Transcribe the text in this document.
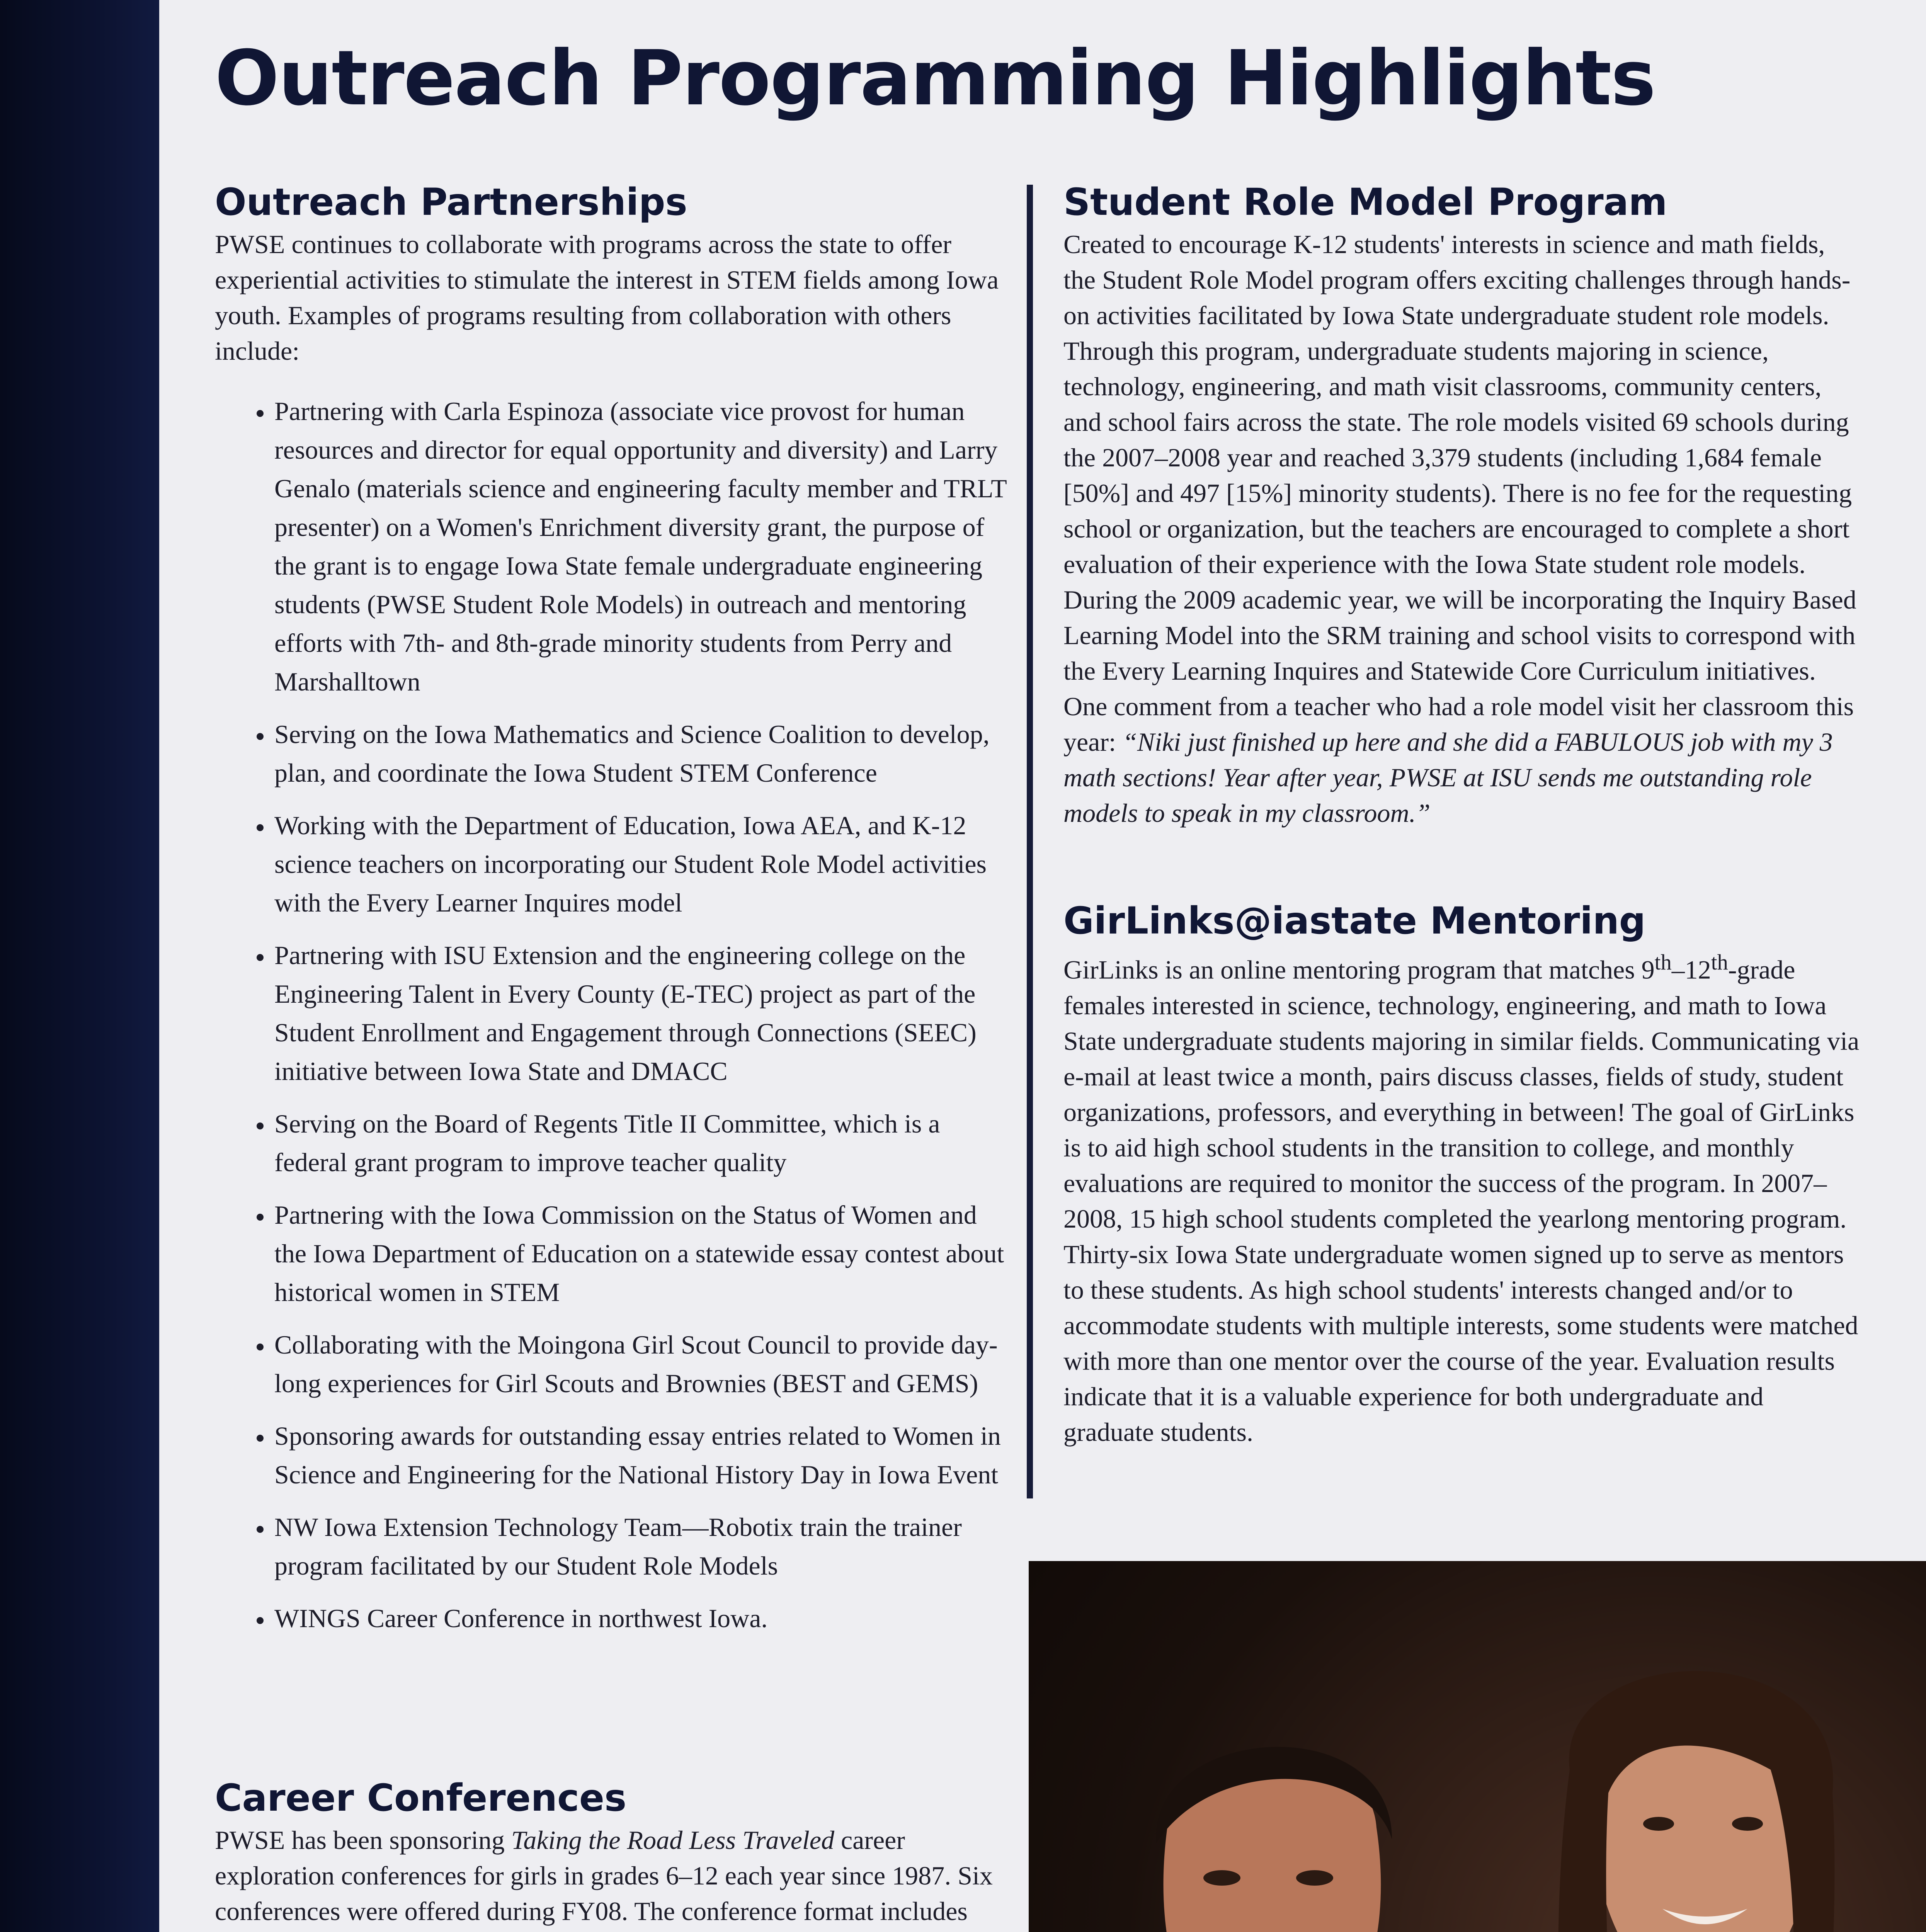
Outreach Programming Highlights
Outreach Partnerships

PWSE continues to collaborate with programs across the state to offer experiential activities to stimulate the interest in STEM fields among Iowa youth. Examples of programs resulting from collaboration with others include:

• Partnering with Carla Espinoza (associate vice provost for human resources and director for equal opportunity and diversity) and Larry Genalo (materials science and engineering faculty member and TRLT presenter) on a Women's Enrichment diversity grant, the purpose of the grant is to engage Iowa State female undergraduate engineering students (PWSE Student Role Models) in outreach and mentoring efforts with 7th- and 8th-grade minority students from Perry and Marshalltown
• Serving on the Iowa Mathematics and Science Coalition to develop, plan, and coordinate the Iowa Student STEM Conference
• Working with the Department of Education, Iowa AEA, and K-12 science teachers on incorporating our Student Role Model activities with the Every Learner Inquires model
• Partnering with ISU Extension and the engineering college on the Engineering Talent in Every County (E-TEC) project as part of the Student Enrollment and Engagement through Connections (SEEC) initiative between Iowa State and DMACC
• Serving on the Board of Regents Title II Committee, which is a federal grant program to improve teacher quality
• Partnering with the Iowa Commission on the Status of Women and the Iowa Department of Education on a statewide essay contest about historical women in STEM
• Collaborating with the Moingona Girl Scout Council to provide day-long experiences for Girl Scouts and Brownies (BEST and GEMS)
• Sponsoring awards for outstanding essay entries related to Women in Science and Engineering for the National History Day in Iowa Event
• NW Iowa Extension Technology Team—Robotix train the trainer program facilitated by our Student Role Models
• WINGS Career Conference in northwest Iowa.
Career Conferences

PWSE has been sponsoring Taking the Road Less Traveled career exploration conferences for girls in grades 6–12 each year since 1987. Six conferences were offered during FY08. The conference format includes

Student Role Model Program

Created to encourage K-12 students' interests in science and math fields, the Student Role Model program offers exciting challenges through hands-on activities facilitated by Iowa State undergraduate student role models. Through this program, undergraduate students majoring in science, technology, engineering, and math visit classrooms, community centers, and school fairs across the state. The role models visited 69 schools during the 2007–2008 year and reached 3,379 students (including 1,684 female [50%] and 497 [15%] minority students). There is no fee for the requesting school or organization, but the teachers are encouraged to complete a short evaluation of their experience with the Iowa State student role models. During the 2009 academic year, we will be incorporating the Inquiry Based Learning Model into the SRM training and school visits to correspond with the Every Learning Inquires and Statewide Core Curriculum initiatives. One comment from a teacher who had a role model visit her classroom this year: “Niki just finished up here and she did a FABULOUS job with my 3 math sections! Year after year, PWSE at ISU sends me outstanding role models to speak in my classroom.”

GirLinks@iastate Mentoring

GirLinks is an online mentoring program that matches 9th–12th-grade females interested in science, technology, engineering, and math to Iowa State undergraduate students majoring in similar fields. Communicating via e-mail at least twice a month, pairs discuss classes, fields of study, student organizations, professors, and everything in between! The goal of GirLinks is to aid high school students in the transition to college, and monthly evaluations are required to monitor the success of the program. In 2007–2008, 15 high school students completed the yearlong mentoring program. Thirty-six Iowa State undergraduate women signed up to serve as mentors to these students. As high school students' interests changed and/or to accommodate students with multiple interests, some students were matched with more than one mentor over the course of the year. Evaluation results indicate that it is a valuable experience for both undergraduate and graduate students.
